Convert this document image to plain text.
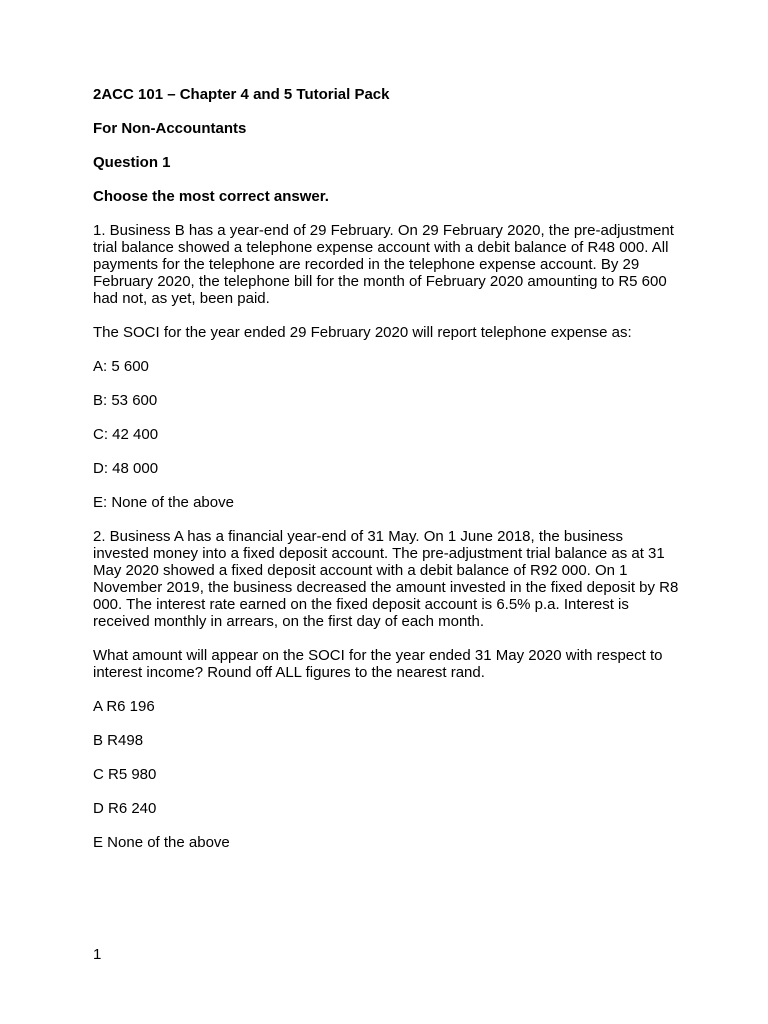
2ACC 101 – Chapter 4 and 5 Tutorial Pack

For Non-Accountants

Question 1

Choose the most correct answer.

1. Business B has a year-end of 29 February. On 29 February 2020, the pre-adjustment trial balance showed a telephone expense account with a debit balance of R48 000. All payments for the telephone are recorded in the telephone expense account. By 29 February 2020, the telephone bill for the month of February 2020 amounting to R5 600 had not, as yet, been paid.

The SOCI for the year ended 29 February 2020 will report telephone expense as:

A: 5 600

B: 53 600

C: 42 400

D: 48 000

E: None of the above

2. Business A has a financial year-end of 31 May. On 1 June 2018, the business invested money into a fixed deposit account. The pre-adjustment trial balance as at 31 May 2020 showed a fixed deposit account with a debit balance of R92 000. On 1 November 2019, the business decreased the amount invested in the fixed deposit by R8 000. The interest rate earned on the fixed deposit account is 6.5% p.a. Interest is received monthly in arrears, on the first day of each month.

What amount will appear on the SOCI for the year ended 31 May 2020 with respect to interest income? Round off ALL figures to the nearest rand.

A R6 196

B R498

C R5 980

D R6 240

E None of the above

1
